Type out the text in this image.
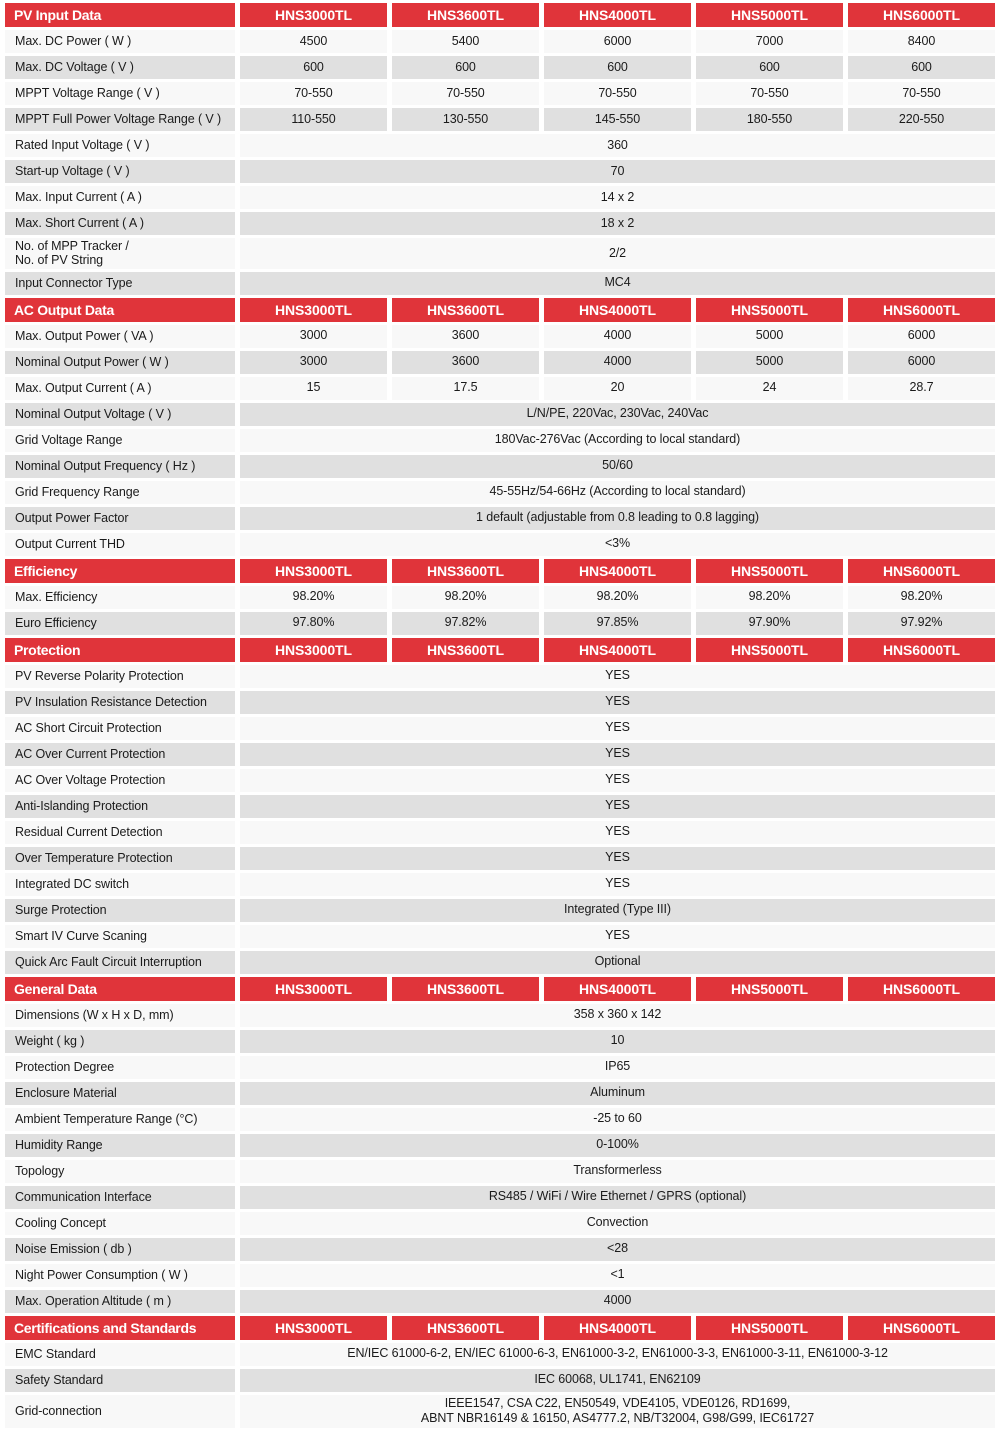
PV Input Data	HNS3000TL	HNS3600TL	HNS4000TL	HNS5000TL	HNS6000TL
Max. DC Power ( W )	4500	5400	6000	7000	8400
Max. DC Voltage ( V )	600	600	600	600	600
MPPT Voltage Range ( V )	70-550	70-550	70-550	70-550	70-550
MPPT Full Power Voltage Range ( V )	110-550	130-550	145-550	180-550	220-550
Rated Input Voltage ( V )	360				
Start-up Voltage ( V )	70				
Max. Input Current ( A )	14 x 2				
Max. Short Current ( A )	18 x 2				

No. of MPP Tracker /
No. of PV String	2/2				
Input Connector Type	MC4				
AC Output Data	HNS3000TL	HNS3600TL	HNS4000TL	HNS5000TL	HNS6000TL
Max. Output Power ( VA )	3000	3600	4000	5000	6000
Nominal Output Power ( W )	3000	3600	4000	5000	6000
Max. Output Current ( A )	15	17.5	20	24	28.7
Nominal Output Voltage ( V )	L/N/PE, 220Vac, 230Vac, 240Vac				
Grid Voltage Range	180Vac-276Vac (According to local standard)				
Nominal Output Frequency ( Hz )	50/60				
Grid Frequency Range	45-55Hz/54-66Hz (According to local standard)				
Output Power Factor	1 default (adjustable from 0.8 leading to 0.8 lagging)				
Output Current THD	<3%				
Efficiency	HNS3000TL	HNS3600TL	HNS4000TL	HNS5000TL	HNS6000TL
Max. Efficiency	98.20%	98.20%	98.20%	98.20%	98.20%
Euro Efficiency	97.80%	97.82%	97.85%	97.90%	97.92%
Protection	HNS3000TL	HNS3600TL	HNS4000TL	HNS5000TL	HNS6000TL
PV Reverse Polarity Protection	YES				
PV Insulation Resistance Detection	YES				
AC Short Circuit Protection	YES				
AC Over Current Protection	YES				
AC Over Voltage Protection	YES				
Anti-Islanding Protection	YES				
Residual Current Detection	YES				
Over Temperature Protection	YES				
Integrated DC switch	YES				
Surge Protection	Integrated (Type III)				
Smart IV Curve Scaning	YES				
Quick Arc Fault Circuit Interruption	Optional				
General Data	HNS3000TL	HNS3600TL	HNS4000TL	HNS5000TL	HNS6000TL
Dimensions (W x H x D, mm)	358 x 360 x 142				
Weight ( kg )	10				
Protection Degree	IP65				
Enclosure Material	Aluminum				
Ambient Temperature Range (°C)	-25 to 60				
Humidity Range	0-100%				
Topology	Transformerless				
Communication Interface	RS485 / WiFi / Wire Ethernet / GPRS (optional)				
Cooling Concept	Convection				
Noise Emission ( db )	<28				
Night Power Consumption ( W )	<1				
Max. Operation Altitude ( m )	4000				
Certifications and Standards	HNS3000TL	HNS3600TL	HNS4000TL	HNS5000TL	HNS6000TL
EMC Standard	EN/IEC 61000-6-2, EN/IEC 61000-6-3, EN61000-3-2, EN61000-3-3, EN61000-3-11, EN61000-3-12				
Safety Standard	IEC 60068, UL1741, EN62109				
Grid-connection	IEEE1547, CSA C22, EN50549, VDE4105, VDE0126, RD1699,
ABNT NBR16149 & 16150, AS4777.2, NB/T32004, G98/G99, IEC61727				
